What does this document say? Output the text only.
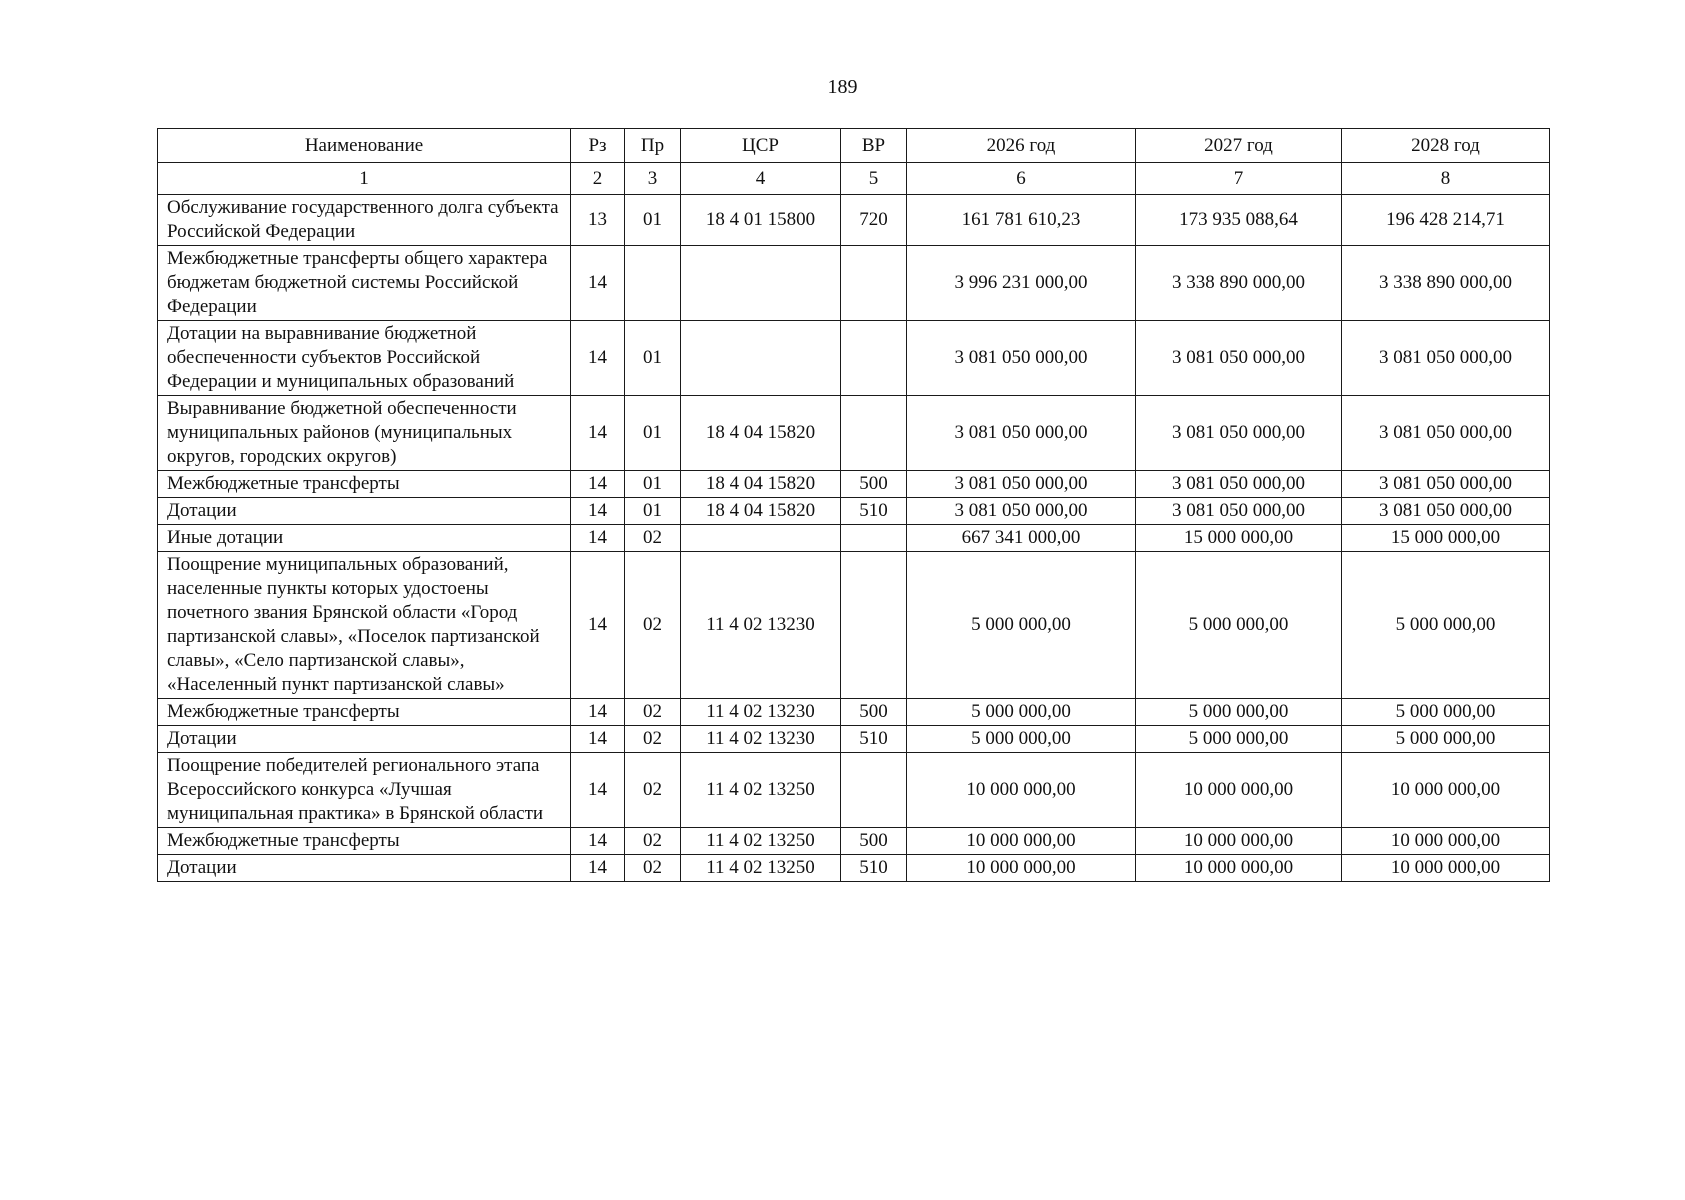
189
Наименование	Рз	Пр	ЦСР	ВР	2026 год	2027 год	2028 год
1	2	3	4	5	6	7	8
Обслуживание государственного долга субъекта Российской Федерации	13	01	18 4 01 15800	720	161 781 610,23	173 935 088,64	196 428 214,71
Межбюджетные трансферты общего характера бюджетам бюджетной системы Российской Федерации	14				3 996 231 000,00	3 338 890 000,00	3 338 890 000,00
Дотации на выравнивание бюджетной обеспеченности субъектов Российской Федерации и муниципальных образований	14	01			3 081 050 000,00	3 081 050 000,00	3 081 050 000,00
Выравнивание бюджетной обеспеченности муниципальных районов (муниципальных округов, городских округов)	14	01	18 4 04 15820		3 081 050 000,00	3 081 050 000,00	3 081 050 000,00
Межбюджетные трансферты	14	01	18 4 04 15820	500	3 081 050 000,00	3 081 050 000,00	3 081 050 000,00
Дотации	14	01	18 4 04 15820	510	3 081 050 000,00	3 081 050 000,00	3 081 050 000,00
Иные дотации	14	02			667 341 000,00	15 000 000,00	15 000 000,00
Поощрение муниципальных образований, населенные пункты которых удостоены почетного звания Брянской области «Город партизанской славы», «Поселок партизанской славы», «Село партизанской славы», «Населенный пункт партизанской славы»	14	02	11 4 02 13230		5 000 000,00	5 000 000,00	5 000 000,00
Межбюджетные трансферты	14	02	11 4 02 13230	500	5 000 000,00	5 000 000,00	5 000 000,00
Дотации	14	02	11 4 02 13230	510	5 000 000,00	5 000 000,00	5 000 000,00
Поощрение победителей регионального этапа Всероссийского конкурса «Лучшая муниципальная практика» в Брянской области	14	02	11 4 02 13250		10 000 000,00	10 000 000,00	10 000 000,00
Межбюджетные трансферты	14	02	11 4 02 13250	500	10 000 000,00	10 000 000,00	10 000 000,00
Дотации	14	02	11 4 02 13250	510	10 000 000,00	10 000 000,00	10 000 000,00
